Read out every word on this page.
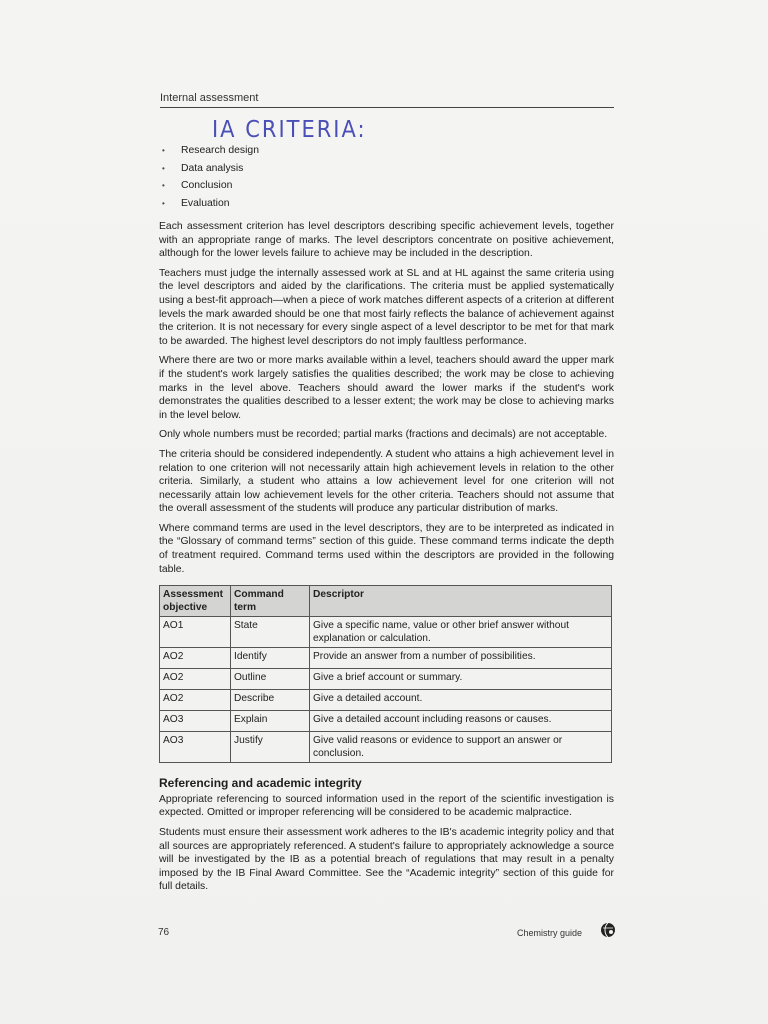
Internal assessment
IA CRITERIA:
• Research design
• Data analysis
• Conclusion
• Evaluation

Each assessment criterion has level descriptors describing specific achievement levels, together with an appropriate range of marks. The level descriptors concentrate on positive achievement, although for the lower levels failure to achieve may be included in the description.

Teachers must judge the internally assessed work at SL and at HL against the same criteria using the level descriptors and aided by the clarifications. The criteria must be applied systematically using a best-fit approach—when a piece of work matches different aspects of a criterion at different levels the mark awarded should be one that most fairly reflects the balance of achievement against the criterion. It is not necessary for every single aspect of a level descriptor to be met for that mark to be awarded. The highest level descriptors do not imply faultless performance.

Where there are two or more marks available within a level, teachers should award the upper mark if the student's work largely satisfies the qualities described; the work may be close to achieving marks in the level above. Teachers should award the lower marks if the student's work demonstrates the qualities described to a lesser extent; the work may be close to achieving marks in the level below.

Only whole numbers must be recorded; partial marks (fractions and decimals) are not acceptable.

The criteria should be considered independently. A student who attains a high achievement level in relation to one criterion will not necessarily attain high achievement levels in relation to the other criteria. Similarly, a student who attains a low achievement level for one criterion will not necessarily attain low achievement levels for the other criteria. Teachers should not assume that the overall assessment of the students will produce any particular distribution of marks.

Where command terms are used in the level descriptors, they are to be interpreted as indicated in the “Glossary of command terms” section of this guide. These command terms indicate the depth of treatment required. Command terms used within the descriptors are provided in the following table.

Assessment objective	Command term	Descriptor
AO1	State	Give a specific name, value or other brief answer without explanation or calculation.
AO2	Identify	Provide an answer from a number of possibilities.
AO2	Outline	Give a brief account or summary.
AO2	Describe	Give a detailed account.
AO3	Explain	Give a detailed account including reasons or causes.
AO3	Justify	Give valid reasons or evidence to support an answer or conclusion.
Referencing and academic integrity

Appropriate referencing to sourced information used in the report of the scientific investigation is expected. Omitted or improper referencing will be considered to be academic malpractice.

Students must ensure their assessment work adheres to the IB's academic integrity policy and that all sources are appropriately referenced. A student's failure to appropriately acknowledge a source will be investigated by the IB as a potential breach of regulations that may result in a penalty imposed by the IB Final Award Committee. See the “Academic integrity” section of this guide for full details.

76	Chemistry guide
